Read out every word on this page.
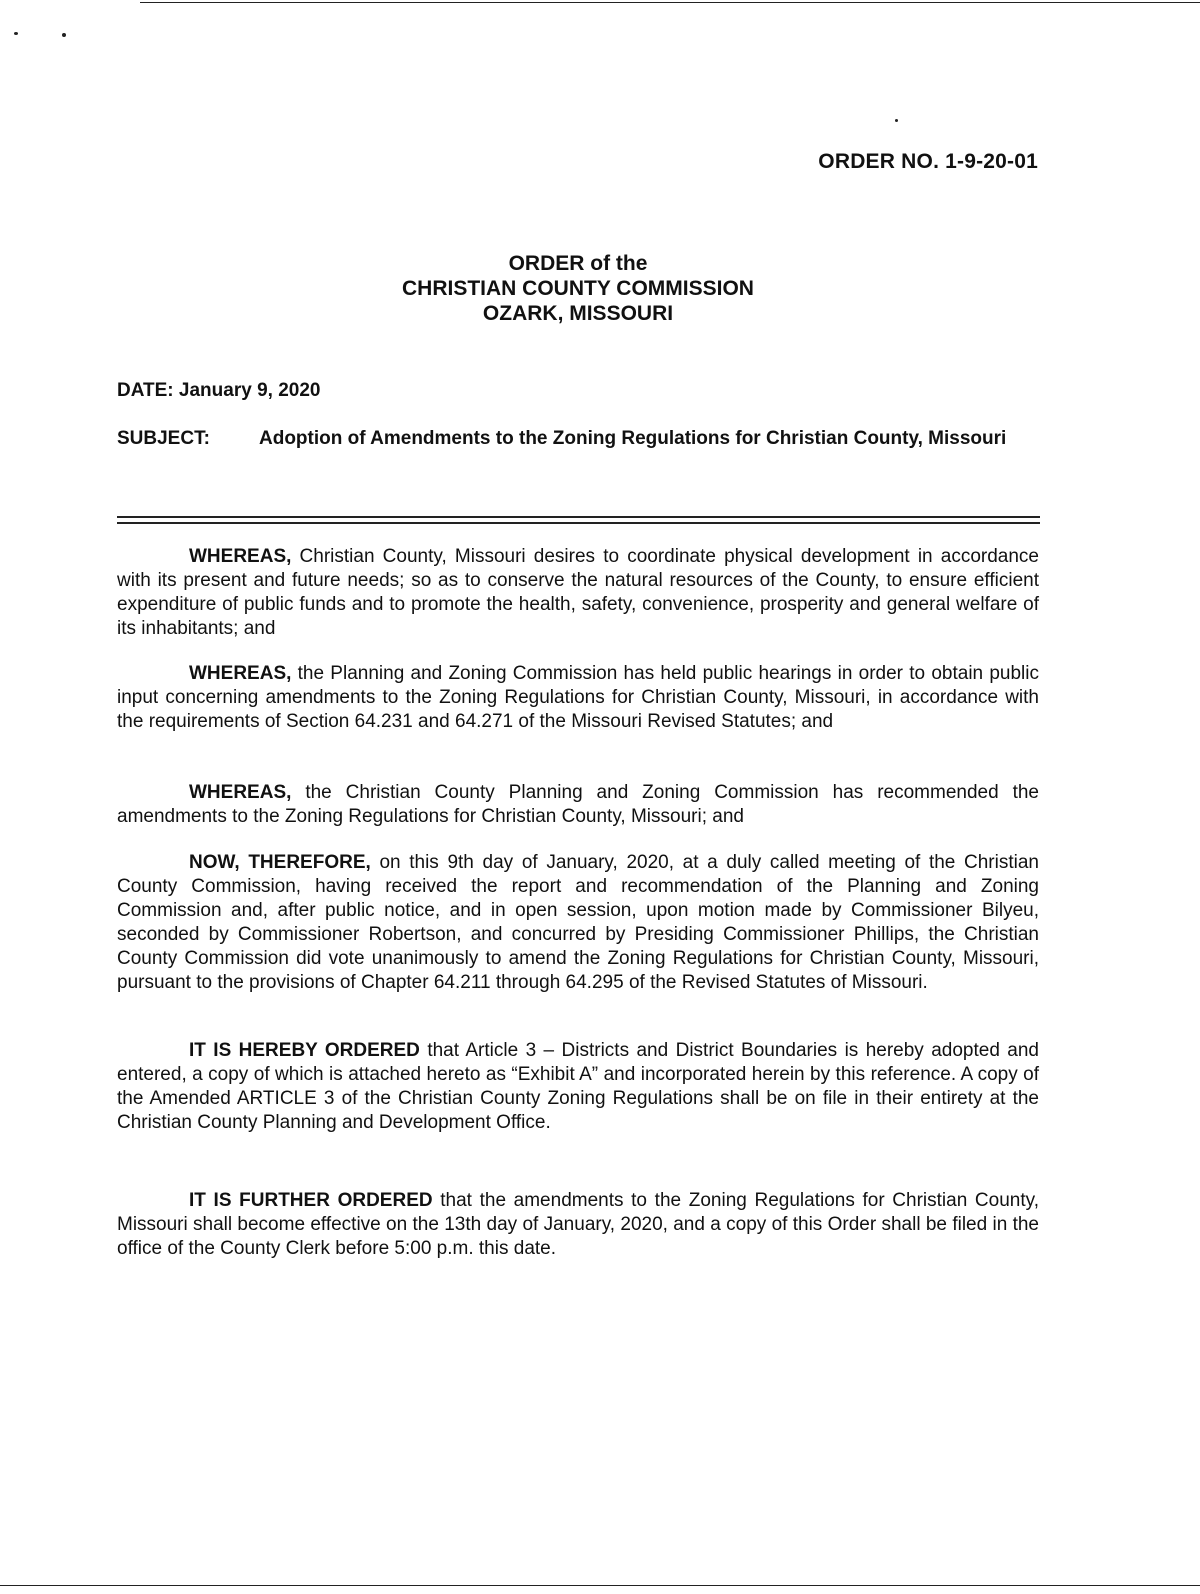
ORDER NO. 1-9-20-01
ORDER of the
CHRISTIAN COUNTY COMMISSION
OZARK, MISSOURI
DATE: January 9, 2020
SUBJECT:	Adoption of Amendments to the Zoning Regulations for Christian County, Missouri

WHEREAS, Christian County, Missouri desires to coordinate physical development in accordance with its present and future needs; so as to conserve the natural resources of the County, to ensure efficient expenditure of public funds and to promote the health, safety, convenience, prosperity and general welfare of its inhabitants; and

WHEREAS, the Planning and Zoning Commission has held public hearings in order to obtain public input concerning amendments to the Zoning Regulations for Christian County, Missouri, in accordance with the requirements of Section 64.231 and 64.271 of the Missouri Revised Statutes; and

WHEREAS, the Christian County Planning and Zoning Commission has recommended the amendments to the Zoning Regulations for Christian County, Missouri; and

NOW, THEREFORE, on this 9th day of January, 2020, at a duly called meeting of the Christian County Commission, having received the report and recommendation of the Planning and Zoning Commission and, after public notice, and in open session, upon motion made by Commissioner Bilyeu, seconded by Commissioner Robertson, and concurred by Presiding Commissioner Phillips, the Christian County Commission did vote unanimously to amend the Zoning Regulations for Christian County, Missouri, pursuant to the provisions of Chapter 64.211 through 64.295 of the Revised Statutes of Missouri.

IT IS HEREBY ORDERED that Article 3 – Districts and District Boundaries is hereby adopted and entered, a copy of which is attached hereto as “Exhibit A” and incorporated herein by this reference. A copy of the Amended ARTICLE 3 of the Christian County Zoning Regulations shall be on file in their entirety at the Christian County Planning and Development Office.

IT IS FURTHER ORDERED that the amendments to the Zoning Regulations for Christian County, Missouri shall become effective on the 13th day of January, 2020, and a copy of this Order shall be filed in the office of the County Clerk before 5:00 p.m. this date.
